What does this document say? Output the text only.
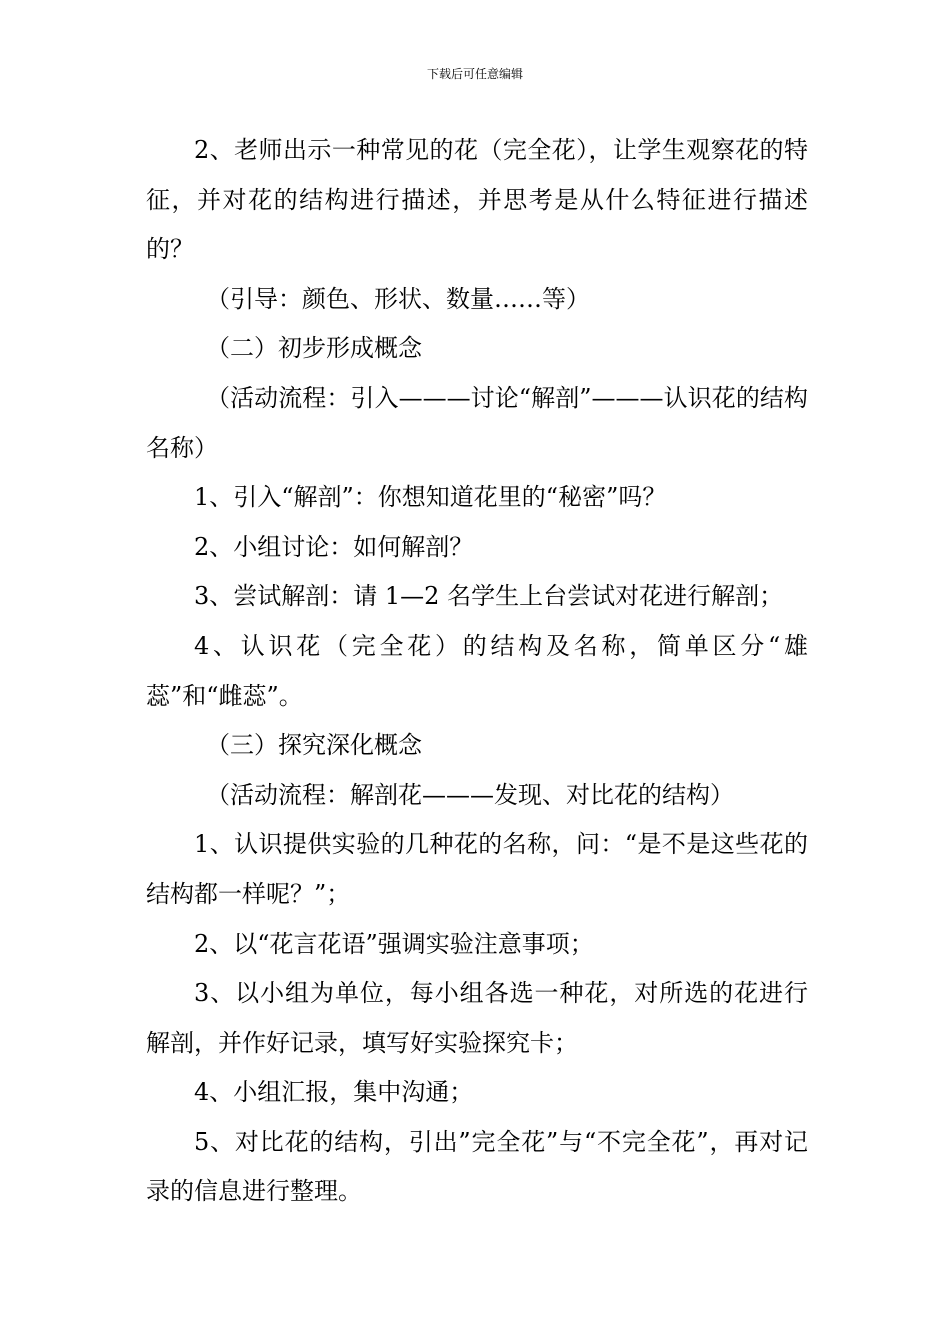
下载后可任意编辑

2、老师出示一种常见的花（完全花），让学生观察花的特征，并对花的结构进行描述，并思考是从什么特征进行描述的？

（引导：颜色、形状、数量……等）

（二）初步形成概念

（活动流程：引入———讨论“解剖”———认识花的结构名称）

1、引入“解剖”：你想知道花里的“秘密”吗？

2、小组讨论：如何解剖？

3、尝试解剖：请 1—2 名学生上台尝试对花进行解剖；

4、认识花（完全花）的结构及名称，简单区分“雄蕊”和“雌蕊”。

（三）探究深化概念

（活动流程：解剖花———发现、对比花的结构）

1、认识提供实验的几种花的名称，问：“是不是这些花的结构都一样呢？”；

2、以“花言花语”强调实验注意事项；

3、以小组为单位，每小组各选一种花，对所选的花进行解剖，并作好记录，填写好实验探究卡；

4、小组汇报，集中沟通；

5、对比花的结构，引出”完全花”与“不完全花”，再对记录的信息进行整理。
